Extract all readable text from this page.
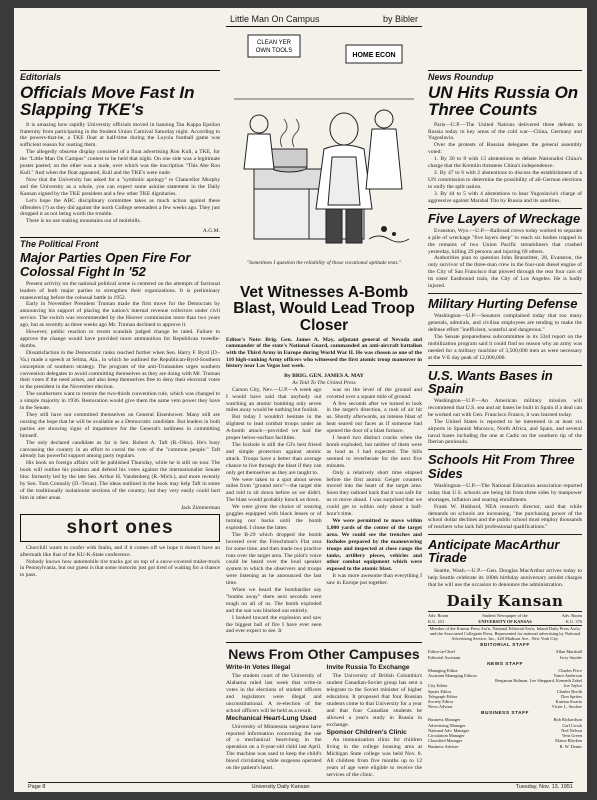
Editorials
Officials Move Fast In Slapping TKE's

It is amazing how rapidly University officials moved in banning Tau Kappa Epsilon fraternity from participating in the Student Union Carnival Saturday night. According to the powers-that-be, a TKE float at half-time during the Loyola football game was sufficient reason for ousting them.

The allegedly obscene display consisted of a float advertising Ron Kull, a TKE, for the "Little Man On Campus" contest to be held that night. On one side was a legitimate poster pasted; on the other was a nude, over which was the inscription "This Abe Ron Kull." And when the float appeared, Kull and the TKE's were nude.

Now that the University has asked for a "symbolic apology" to Chancellor Murphy and the University as a whole, you can expect some asinine statement in the Daily Kansan signed by the TKE president and a few other TKE dignitaries.

Let's hope the ABC disciplinary committee takes as much action against these offenders (?) as they did against the north College serenaders a few weeks ago. They just dropped it as not being worth the trouble.

There is no use making mountains out of molehills.

A.G.M.
The Political Front
Major Parties Open Fire For Colossal Fight In '52

Present activity on the national political scene is centered on the attempts of factional leaders of both major parties to strengthen their organizations. It is preliminary maneuvering before the colossal battle in 1952.

Early in November President Truman made the first move for the Democrats by announcing his support of placing the nation's internal revenue collectors under civil service. The switch was recommended by the Hoover commission more than two years ago, but as recently as three weeks ago Mr. Truman declined to approve it.

However, public reaction to recent scandals judged change be rated. Failure to approve the change would have provided more ammunition for Republican tweedle-dumbs.

Dissatisfaction in the Democratic ranks reached further when Sen. Harry F. Byrd (D.-Va.) made a speech at Selma, Ala., in which he outlined the Republican-Byrd-Southern conception of southern strategy. The program of the anti-Trumanites urges southern convention delegates to avoid committing themselves as they are doing with Mr. Truman their votes if the need arises, and also keep themselves free to deny their electoral votes to the president in the November election.

The southerners want to restore the two-thirds convention rule, which was changed to a simple majority in 1936. Restoration would give them the same veto power they have in the Senate.

They still have not committed themselves on General Eisenhower. Many still are nursing the hope that he will be available as a Democratic candidate. But leaders in both parties are showing signs of impatience for the General's tardiness in committing himself.

The only declared candidate as far is Sen. Robert A. Taft (R.-Ohio). He's busy canvassing the country in an effort to corral the vote of the "common people." Taft already has powerful support among party regulars.

His book on foreign affairs will be published Thursday, while he is still on tour. The book will outline his position and defend his votes against the internationalist Senate bloc formerly led by the late Sen. Arthur H. Vandenberg (R.-Mich.), and more recently by Sen. Tom Connally (D.-Texas). The ideas outlined in the book may help Taft in some of the traditionally isolationist sections of the country, but they very easily could hurt him in other areas.

Jack Zimmerman
short ones

Churchill wants to confer with Stalin, and if it comes off we hope it doesn't have an aftermath like that of the KU-K-State conference.

Nobody knows how automobile tire tracks got on top of a snow-covered trailer-truck in Pennsylvania, but our guess is that some motorist just got tired of waiting for a chance to pass.

Little Man On Campus	by Bibler
CLEAN YER
OWN TOOLS
HOME ECON
"Sometimes I question the reliability of those vocational aptitude tests."
Vet Witnesses A-Bomb Blast, Would Lead Troop Closer
Editor's Note: Brig. Gen. James A. May, adjutant general of Nevada and commander of the state's National Guard, commanded an anti-aircraft battalion with the Third Army in Europe during World War II. He was chosen as one of the 110 high-ranking Army officers who witnessed the first atomic troop maneuver in history near Las Vegas last week.
By BRIG. GEN. JAMES A. MAY
As Told To The United Press

Carson City, Nev.—U.P.—A week ago I would have said that anybody out watching an atomic bombing only seven miles away would be nothing but foolish.

But today I wouldn't hesitate in the slightest to lead combat troops under an A-bomb attack—provided we had the proper below-surface facilities.

The foxhole is still the GI's best friend and simple protection against atomic attack. Troops have a better than average chance to live through the blast if they can only get themselves as they are taught to.

We were taken to a spot about seven miles from "ground zero"—the target site and told to sit down before us we didn't. The blast would probably knock us down.

We were given the choice of wearing goggles equipped with black lenses or of turning our backs until the bomb exploded. I chose the latter.

The B-29 which dropped the bomb hovered over the Frenchman's Flat area for some time, and then made two practice runs over the target area. The pilot's voice could be heard over the loud speaker system to which the observers and troops were listening as he announced the last time.

When we heard the bombardier say "bombs away" there next seconds were tough on all of us. The bomb exploded and the sun was blacked out entirely.

I looked toward the explosion and saw the biggest ball of fire I have ever seen and ever expect to see. It

was on the level of the ground and covered over a square mile of ground.

A few seconds after we turned to look in the target's direction, a rush of air hit us. Shortly afterwards, an intense blast of heat seared our faces as if someone had opened the door of a blast furnace.

I heard two distinct cracks when the bomb exploded, but neither of them were as loud as I had expected. The hills seemed to reverberate for the next five minutes.

Only a relatively short time elapsed before the first atomic Geiger counters moved into the heart of the target area. Soon they radioed back that it was safe for us to move ahead. I was surprised that we could get to within only about a half-hour's time.

We were permitted to move within 1,000 yards of the center of the target area. We could see the trenches and foxholes prepared by the maneuvering troops and inspected at close range the tanks, artillery pieces, vehicles and other combat equipment which were exposed to the atomic blast.

It was more awesome than everything I saw in Europe put together.

News From Other Campuses
Write-In Votes Illegal

The student court of the University of Alabama ruled last week that write-in votes in the elections of student officers and legislators were illegal and unconstitutional. A re-election of the school officers will be held as a result.

Mechanical Heart-Lung Used

University of Minnesota surgeons have reported information concerning the use of a mechanical heart-lung in the operation on a 6-year-old child last April. The machine was used to keep the child's blood circulating while surgeons operated on the patient's heart.

Invite Russia To Exchange

The University of British Columbia's student Canadian-Soviet group has sent a telegram to the Soviet minister of higher education. It proposed that four Russian students come to that University for a year and that four Canadian students be allowed a year's study in Russia in exchange.

Sponsor Children's Clinic

An immunization clinic for children living in the college housing area at Michigan State college was held Nov. 8. All children from five months up to 12 years of age were eligible to receive the services of the clinic.

News Roundup
UN Hits Russia On Three Counts

Paris—U.P.—The United Nations delivered three defeats to Russia today in key areas of the cold war—China, Germany and Yugoslavia.

Over the protests of Russian delegates the general assembly voted:

1. By 30 to 8 with 13 abstentions to debate Nationalist China's charge that the Kremlin threatens China's independence.

2. By 47 to 6 with 2 abstentions to discuss the establishment of a UN commission to determine the possibility of all-German elections to unify the split nation.

3. By 44 to 5 with 4 abstentions to hear Yugoslavia's charge of aggressive against Marshal Tito by Russia and its satellites.

Five Layers of Wreckage

Evanston, Wyo.—U.P.—Railroad crews today worked to separate a pile of wreckage "five layers deep" to reach six bodies trapped in the remains of two Union Pacific streamliners that crashed yesterday, killing 29 persons and injuring 69 others.

Authorities plan to question John Branstitter, 28, Evanston, the only survivor of the three-man crew in the four-unit diesel engine of the City of San Francisco that plowed through the rear four cars of its sister Eastbound train, the City of Los Angeles. He is badly injured.

Military Hurting Defense

Washington—U.P.—Senators complained today that too many generals, admirals, and civilian employees are tending to make the defense effort "inefficient, wasteful and dangerous."

The Senate preparedness subcommittee in its 33rd report on the mobilization program said it could find no reason why an army was needed for a military machine of 3,500,000 men as were necessary at the V-E day peak of 12,000,000.

U.S. Wants Bases in Spain

Washington—U.P.—An American military mission will recommend that U.S. sea and air bases be built in Spain if a deal can be worked out with Gen. Francisco Franco, it was learned today.

The United States is reported to be interested in at least six airports in Spanish Morocco, North Africa, and Spain, and several naval bases including the one at Cadiz on the southern tip of the Iberian peninsula.

Schools Hit From Three Sides

Washington—U.P.—The National Education association reported today that U.S. schools are being hit from three sides by manpower shortages, inflation and soaring enrollments.

Frank W. Hubbard, NEA research director, said that while demands on schools are increasing, "the purchasing power of the school dollar declines and the public school must employ thousands of teachers who lack full professional qualifications."

Anticipate MacArthur Tirade

Seattle, Wash.—U.P.—Gen. Douglas MacArthur arrives today to help Seattle celebrate its 100th birthday anniversary amidst charges that he will use the occasion to denounce the administration.

Daily Kansan
Adv. Room
K.U. 251
Student Newspaper of the
UNIVERSITY OF KANSAS
Adv. Room
K.U. 376
Member of the Kansas Press Ass'n, National Editorial Ass'n, Inland Daily Press Ass'n, and the Associated Collegiate Press. Represented for national advertising by National Advertising Service, Inc., 420 Madison Ave., New York City.
EDITORIAL STAFF
Editor-in-Chief	Allan Marshall
Editorial Assistant	Jerry Snyder
NEWS STAFF
Managing Editor	Charles Price
Assistant Managing Editors	Vance Anderson
Benjamin Hulman, Lee Sheppard, Kenneth Zabel
City Editor	Joe Taylor
Sports Editor	Charles Booth
Telegraph Editor	Don Sprites
Society Editor	Katrina Swartz
News Adviser	Victor L. Stocker
BUSINESS STAFF
Business Manager	Bob Richardson
Advertising Manager	Carl Crook
National Adv. Manager	Ned Nelson
Circulation Manager	Vern Green
Classified Manager	Elaine Blacken
Business Adviser	R. W. Demis
Page 8	University Daily Kansan	Tuesday, Nov. 13, 1951
